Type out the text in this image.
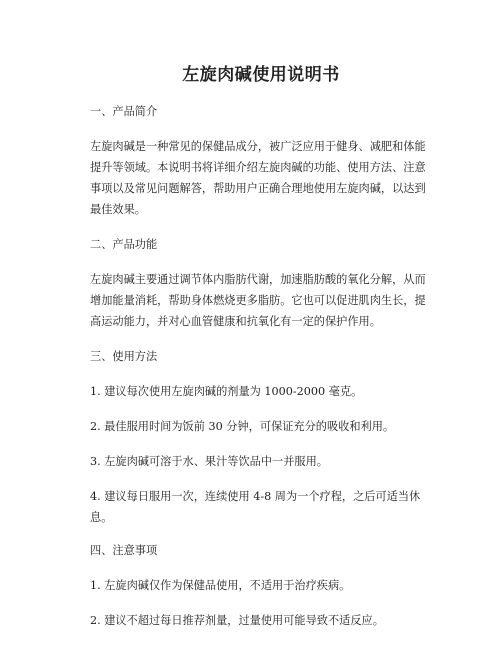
左旋肉碱使用说明书
一、产品简介
左旋肉碱是一种常见的保健品成分，被广泛应用于健身、减肥和体能提升等领域。本说明书将详细介绍左旋肉碱的功能、使用方法、注意事项以及常见问题解答，帮助用户正确合理地使用左旋肉碱，以达到最佳效果。
二、产品功能
左旋肉碱主要通过调节体内脂肪代谢，加速脂肪酸的氧化分解，从而增加能量消耗，帮助身体燃烧更多脂肪。它也可以促进肌肉生长，提高运动能力，并对心血管健康和抗氧化有一定的保护作用。
三、使用方法
1. 建议每次使用左旋肉碱的剂量为 1000-2000 毫克。
2. 最佳服用时间为饭前 30 分钟，可保证充分的吸收和利用。
3. 左旋肉碱可溶于水、果汁等饮品中一并服用。
4. 建议每日服用一次，连续使用 4-8 周为一个疗程，之后可适当休息。
四、注意事项
1. 左旋肉碱仅作为保健品使用，不适用于治疗疾病。
2. 建议不超过每日推荐剂量，过量使用可能导致不适反应。
